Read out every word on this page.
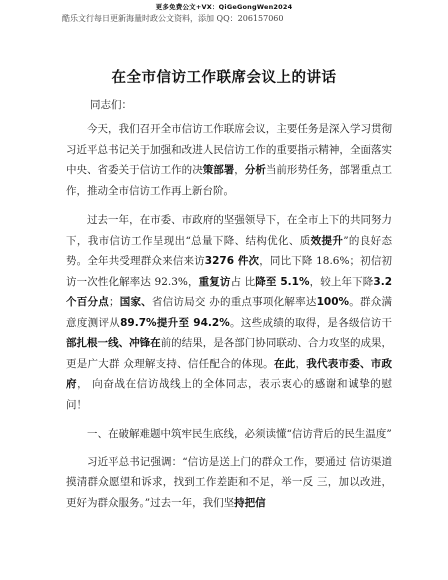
更多免费公文+VX：QiGeGongWen2024
酷乐文行每日更新海量时政公文资料，添加 QQ：206157060
在全市信访工作联席会议上的讲话
同志们：

今天，我们召开全市信访工作联席会议，主要任务是深入学习贯彻习近平总书记关于加强和改进人民信访工作的重要指示精神，全面落实中央、省委关于信访工作的决策部署，分析当前形势任务，部署重点工作，推动全市信访工作再上新台阶。

过去一年，在市委、市政府的坚强领导下，在全市上下的共同努力下，我市信访工作呈现出“总量下降、结构优化、质效提升”的良好态势。全年共受理群众来信来访3276 件次，同比下降 18.6%；初信初访一次性化解率达 92.3%，重复访占 比降至 5.1%，较上年下降3.2 个百分点；国家、省信访局交 办的重点事项化解率达100%。群众满意度测评从89.7%提升至 94.2%。这些成绩的取得，是各级信访干部扎根一线、冲锋在前的结果，是各部门协同联动、合力攻坚的成果，更是广大群 众理解支持、信任配合的体现。在此，我代表市委、市政府， 向奋战在信访战线上的全体同志，表示衷心的感谢和诚挚的慰 问！

一、在破解难题中筑牢民生底线，必须读懂“信访背后的民生温度”

习近平总书记强调：“信访是送上门的群众工作，要通过 信访渠道摸清群众愿望和诉求，找到工作差距和不足，举一反 三，加以改进，更好为群众服务。”过去一年，我们坚持把信
